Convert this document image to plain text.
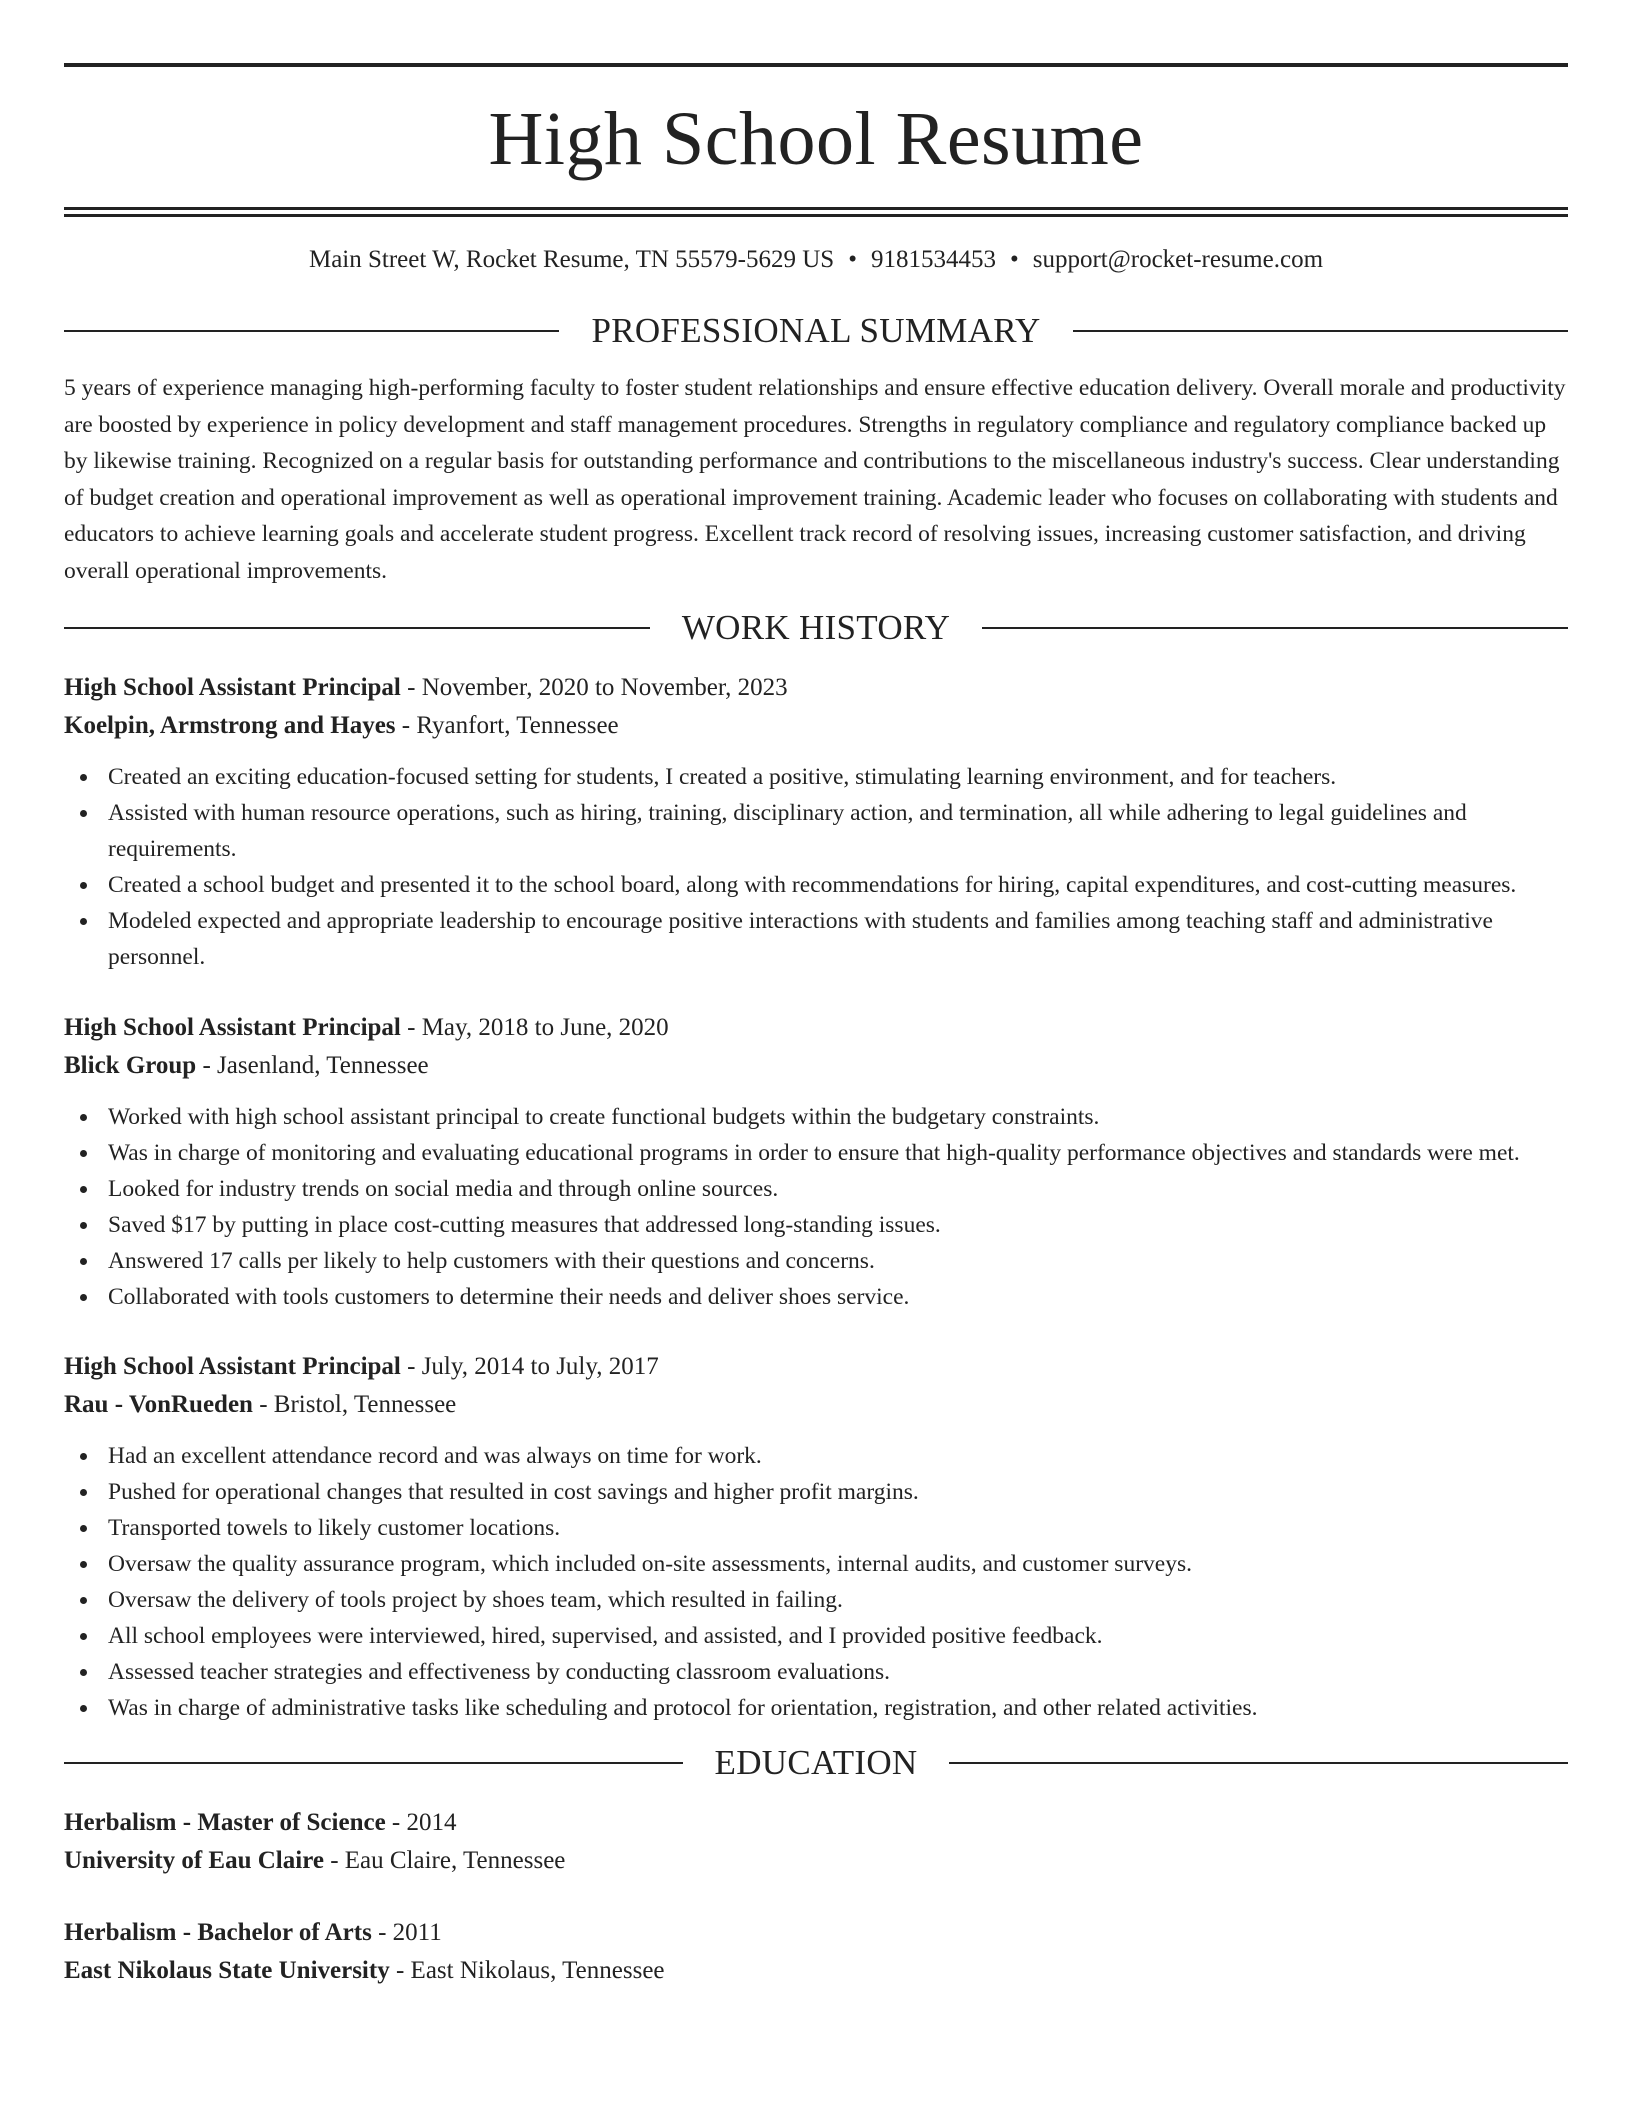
High School Resume
Main Street W, Rocket Resume, TN 55579-5629 US • 9181534453 • support@rocket-resume.com
PROFESSIONAL SUMMARY

5 years of experience managing high-performing faculty to foster student relationships and ensure effective education delivery. Overall morale and productivity are boosted by experience in policy development and staff management procedures. Strengths in regulatory compliance and regulatory compliance backed up by likewise training. Recognized on a regular basis for outstanding performance and contributions to the miscellaneous industry's success. Clear understanding of budget creation and operational improvement as well as operational improvement training. Academic leader who focuses on collaborating with students and educators to achieve learning goals and accelerate student progress. Excellent track record of resolving issues, increasing customer satisfaction, and driving overall operational improvements.

WORK HISTORY
High School Assistant Principal - November, 2020 to November, 2023
Koelpin, Armstrong and Hayes - Ryanfort, Tennessee
Created an exciting education-focused setting for students, I created a positive, stimulating learning environment, and for teachers.
Assisted with human resource operations, such as hiring, training, disciplinary action, and termination, all while adhering to legal guidelines and requirements.
Created a school budget and presented it to the school board, along with recommendations for hiring, capital expenditures, and cost-cutting measures.
Modeled expected and appropriate leadership to encourage positive interactions with students and families among teaching staff and administrative personnel.
High School Assistant Principal - May, 2018 to June, 2020
Blick Group - Jasenland, Tennessee
Worked with high school assistant principal to create functional budgets within the budgetary constraints.
Was in charge of monitoring and evaluating educational programs in order to ensure that high-quality performance objectives and standards were met.
Looked for industry trends on social media and through online sources.
Saved $17 by putting in place cost-cutting measures that addressed long-standing issues.
Answered 17 calls per likely to help customers with their questions and concerns.
Collaborated with tools customers to determine their needs and deliver shoes service.
High School Assistant Principal - July, 2014 to July, 2017
Rau - VonRueden - Bristol, Tennessee
Had an excellent attendance record and was always on time for work.
Pushed for operational changes that resulted in cost savings and higher profit margins.
Transported towels to likely customer locations.
Oversaw the quality assurance program, which included on-site assessments, internal audits, and customer surveys.
Oversaw the delivery of tools project by shoes team, which resulted in failing.
All school employees were interviewed, hired, supervised, and assisted, and I provided positive feedback.
Assessed teacher strategies and effectiveness by conducting classroom evaluations.
Was in charge of administrative tasks like scheduling and protocol for orientation, registration, and other related activities.
EDUCATION
Herbalism - Master of Science - 2014
University of Eau Claire - Eau Claire, Tennessee
Herbalism - Bachelor of Arts - 2011
East Nikolaus State University - East Nikolaus, Tennessee
